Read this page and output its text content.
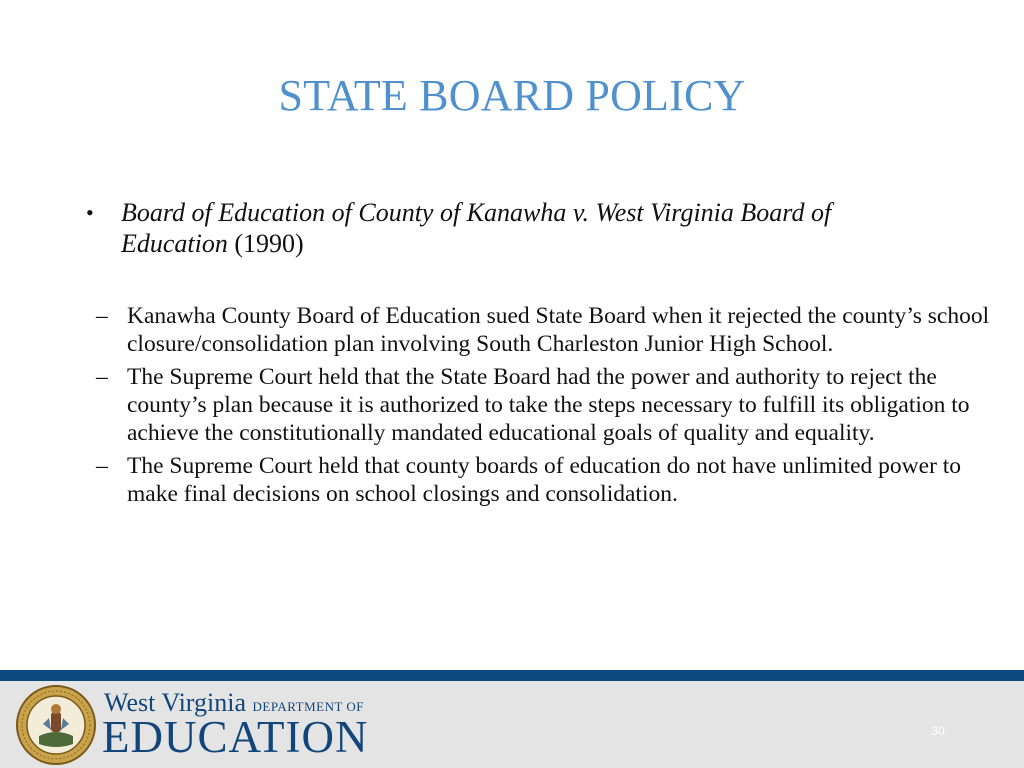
STATE BOARD POLICY
•	Board of Education of County of Kanawha v. West Virginia Board of Education (1990)
– Kanawha County Board of Education sued State Board when it rejected the county’s school closure/consolidation plan involving South Charleston Junior High School.
– The Supreme Court held that the State Board had the power and authority to reject the county’s plan because it is authorized to take the steps necessary to fulfill its obligation to achieve the constitutionally mandated educational goals of quality and equality.
– The Supreme Court held that county boards of education do not have unlimited power to make final decisions on school closings and consolidation.
West Virginia DEPARTMENT OF
EDUCATION	30
